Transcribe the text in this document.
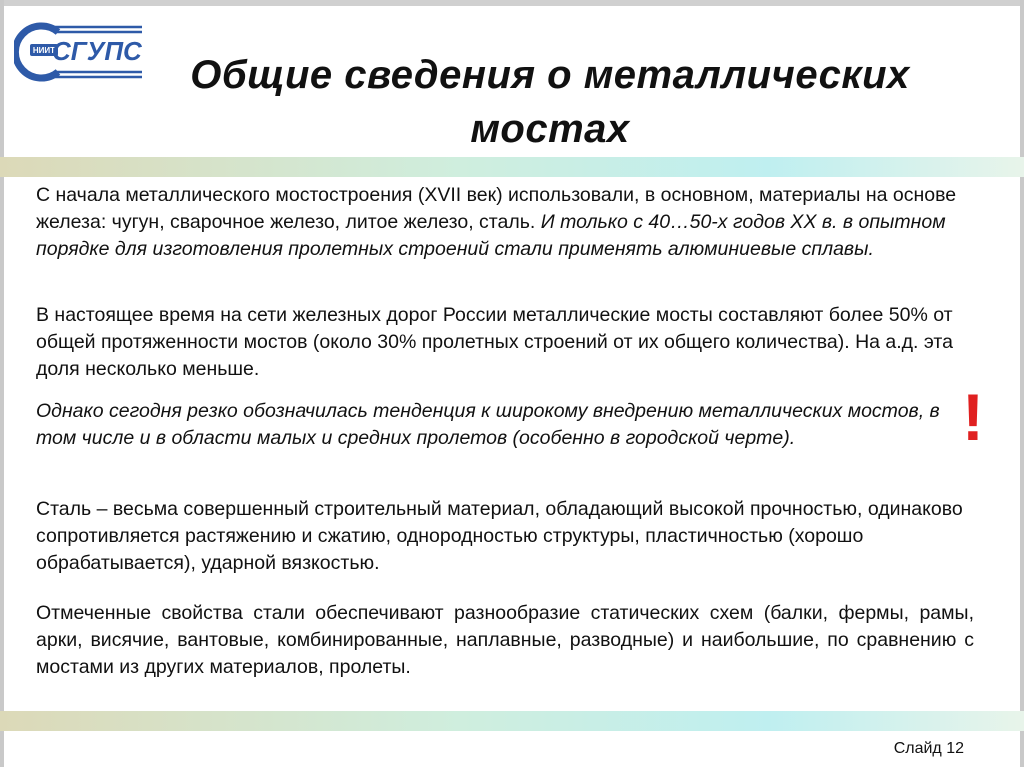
НИИТ
СГУПС
Общие сведения о металлических
мостах
С начала металлического мостостроения (XVII век) использовали, в основном, материалы на основе железа: чугун, сварочное железо, литое железо, сталь. И только с 40…50-х годов XX в. в опытном порядке для изготовления пролетных строений стали применять алюминиевые сплавы.
В настоящее время на сети железных дорог России металлические мосты составляют более 50% от общей протяженности мостов (около 30% пролетных строений от их общего количества). На а.д. эта доля несколько меньше.
Однако сегодня резко обозначилась тенденция к широкому внедрению металлических мостов, в том числе и в области малых и средних пролетов (особенно в городской черте).	!
Сталь – весьма совершенный строительный материал, обладающий высокой прочностью, одинаково сопротивляется растяжению и сжатию, однородностью структуры, пластичностью (хорошо обрабатывается), ударной вязкостью.
Отмеченные свойства стали обеспечивают разнообразие статических схем (балки, фермы, рамы, арки, висячие, вантовые, комбинированные, наплавные, разводные) и наибольшие, по сравнению с мостами из других материалов, пролеты.
Слайд 12
